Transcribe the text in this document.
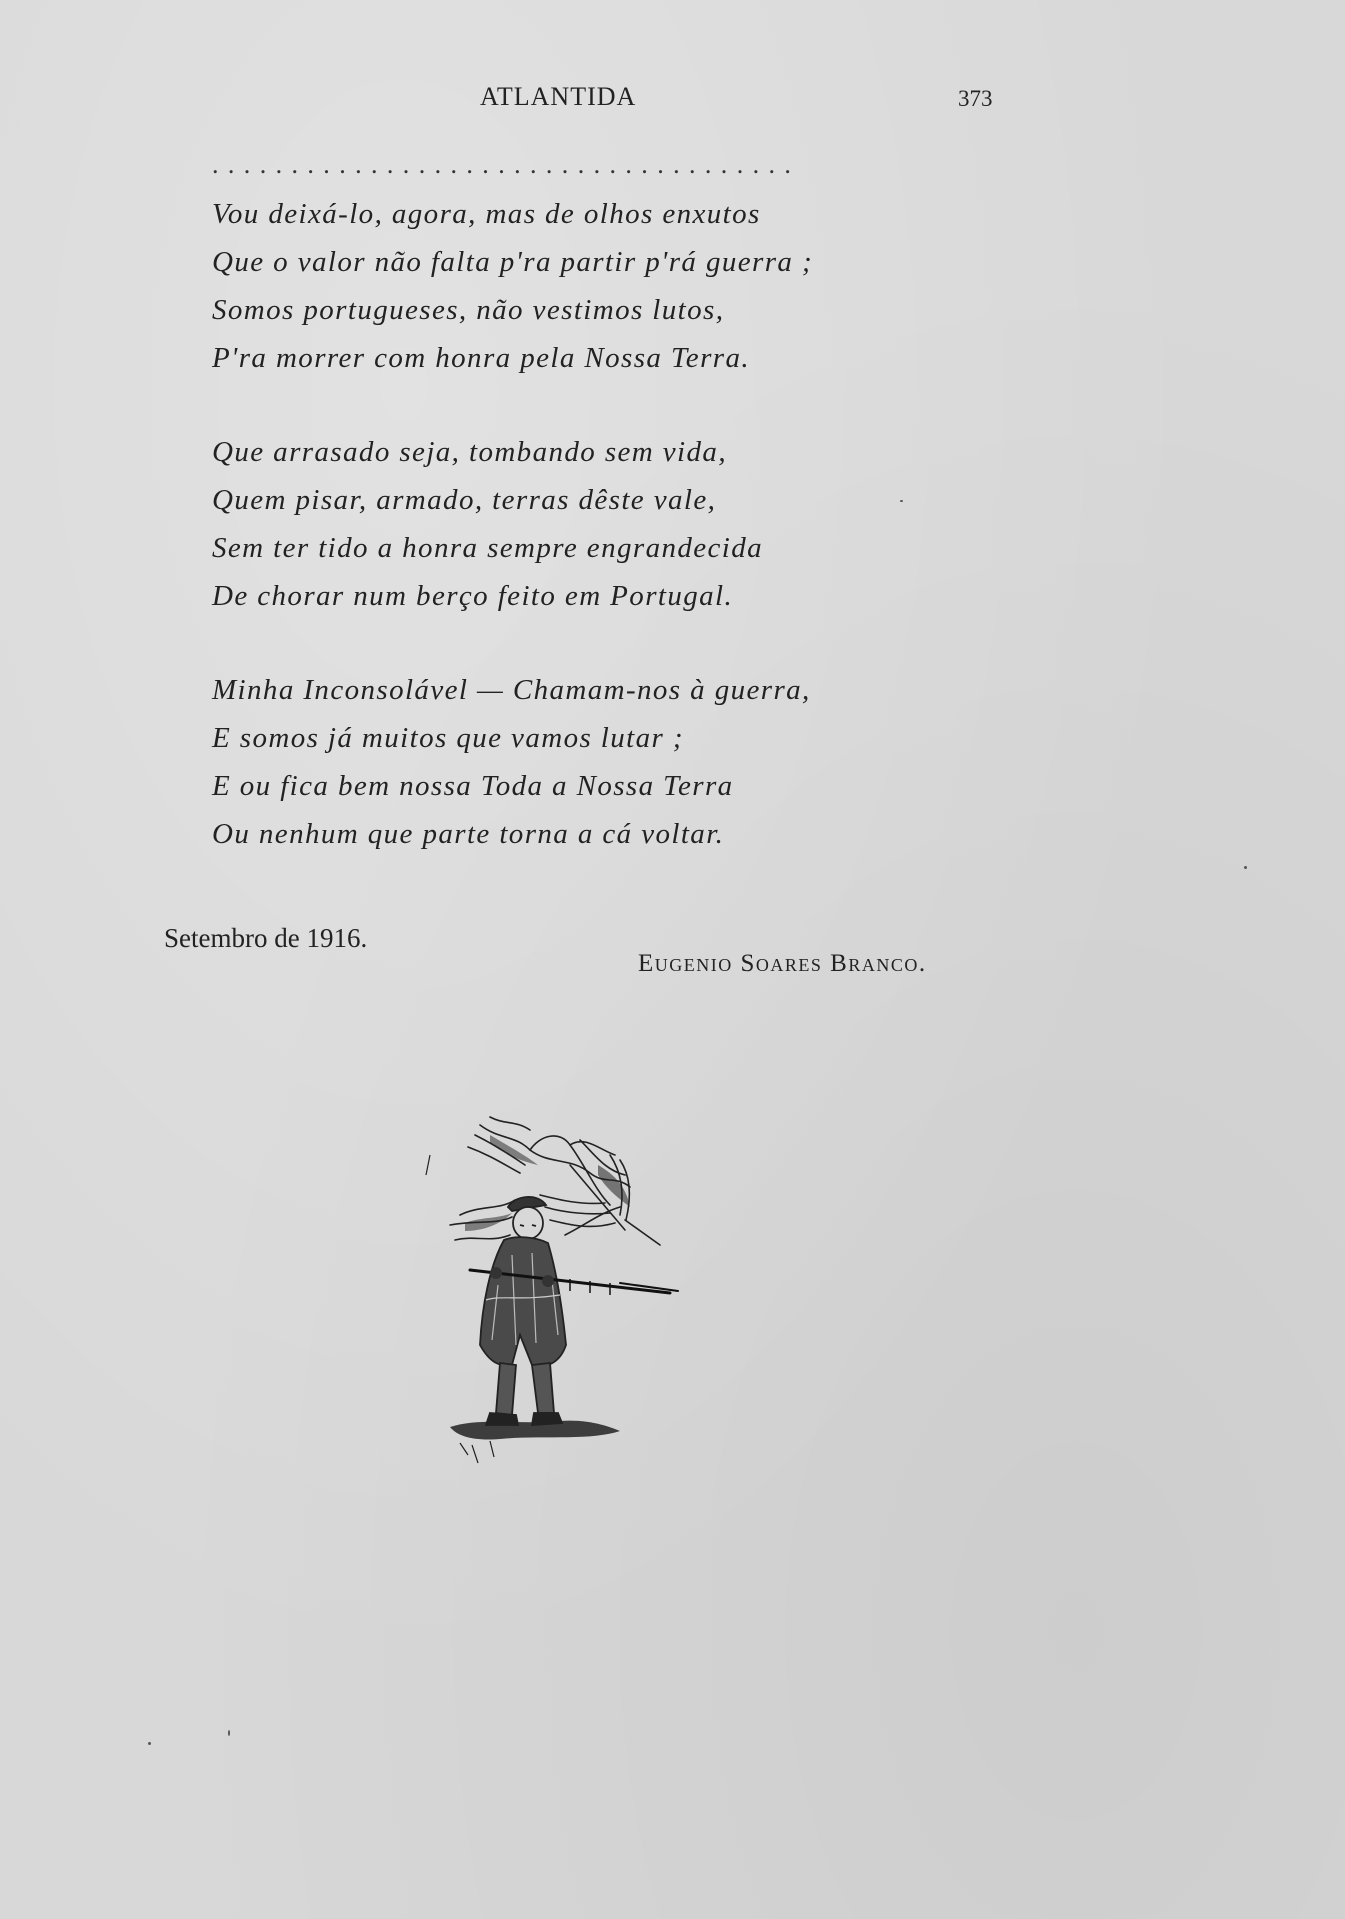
ATLANTIDA	373
.....................................
Vou deixá-lo, agora, mas de olhos enxutos
Que o valor não falta p'ra partir p'rá guerra ;
Somos portugueses, não vestimos lutos,
P'ra morrer com honra pela Nossa Terra.
Que arrasado seja, tombando sem vida,
Quem pisar, armado, terras dêste vale,
Sem ter tido a honra sempre engrandecida
De chorar num berço feito em Portugal.
Minha Inconsolável — Chamam-nos à guerra,
E somos já muitos que vamos lutar ;
E ou fica bem nossa Toda a Nossa Terra
Ou nenhum que parte torna a cá voltar.
Setembro de 1916.
Eugenio Soares Branco.
